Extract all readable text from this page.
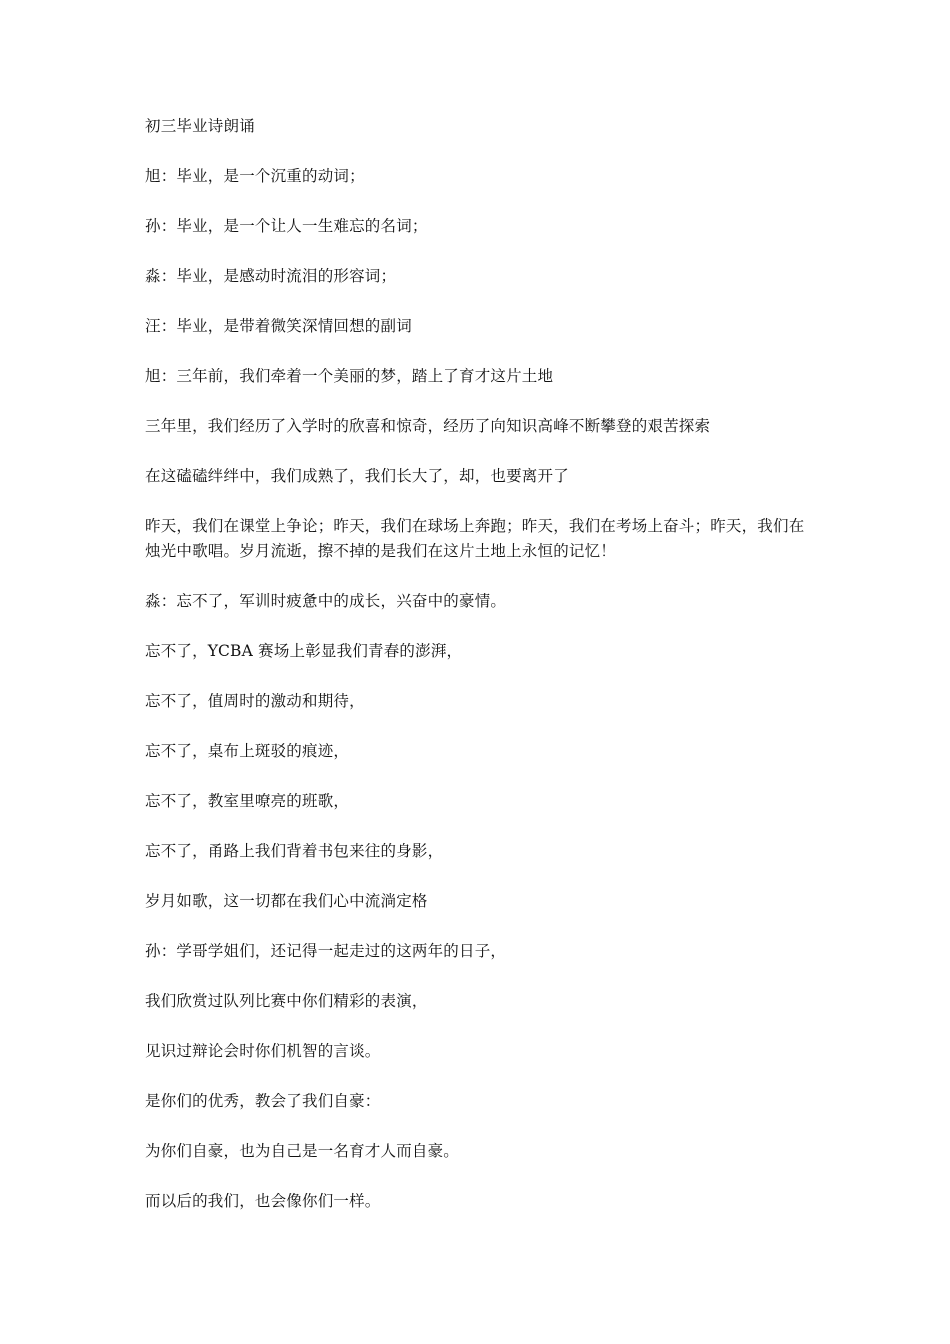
初三毕业诗朗诵

旭：毕业，是一个沉重的动词；

孙：毕业，是一个让人一生难忘的名词；

淼：毕业，是感动时流泪的形容词；

汪：毕业，是带着微笑深情回想的副词

旭：三年前，我们牵着一个美丽的梦，踏上了育才这片土地

三年里，我们经历了入学时的欣喜和惊奇，经历了向知识高峰不断攀登的艰苦探索

在这磕磕绊绊中，我们成熟了，我们长大了，却，也要离开了

昨天，我们在课堂上争论；昨天，我们在球场上奔跑；昨天，我们在考场上奋斗；昨天，我们在烛光中歌唱。岁月流逝，擦不掉的是我们在这片土地上永恒的记忆！

淼：忘不了，军训时疲惫中的成长，兴奋中的豪情。

忘不了，YCBA 赛场上彰显我们青春的澎湃，

忘不了，值周时的激动和期待，

忘不了，桌布上斑驳的痕迹，

忘不了，教室里嘹亮的班歌，

忘不了，甬路上我们背着书包来往的身影，

岁月如歌，这一切都在我们心中流淌定格

孙：学哥学姐们，还记得一起走过的这两年的日子，

我们欣赏过队列比赛中你们精彩的表演，

见识过辩论会时你们机智的言谈。

是你们的优秀，教会了我们自豪：

为你们自豪，也为自己是一名育才人而自豪。

而以后的我们，也会像你们一样。
